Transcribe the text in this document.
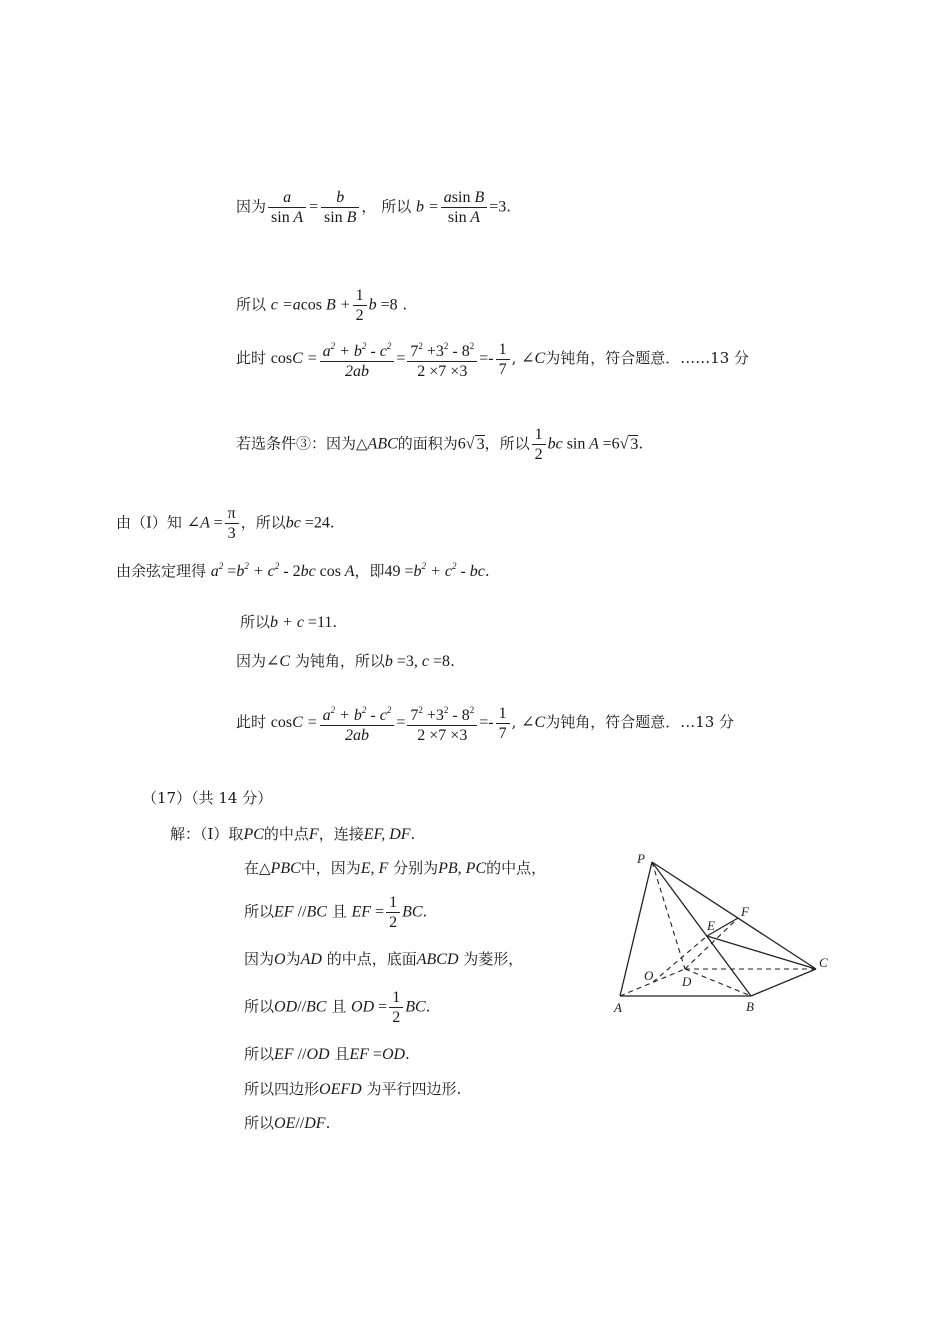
因为 $\frac{a}{\text{sin A}} = \frac{b}{\text{sin B}}$ ， 所以 $b = \frac{\text{asin B}}{\text{sin A}} =3$.
所以 c =acos $B + \frac{1}{2}$ b =8 .
此时 $\cos C = \frac{a^2 + b^2 - c^2}{2ab} = \frac{7^2 +3^2 - 8^2}{2 \times 7 \times 3} =- \frac{1}{7}$ , ∠C为钝角，符合题意．……13 分
若选条件③：因为△ABC的面积为6√ 3，所以 $\frac{1}{2}$ bc sin A =6√ 3.
由（I）知 ∠A = $\frac{\pi}{3}$ ，所以bc =24.
由余弦定理得 $a^2 =b^2 + c^2 - 2bc$ cos A，即$49 =b^2 + c^2$ - bc.
所以b + c =11.
因为∠C 为钝角，所以b =3, c =8.
此时 $\cos C = \frac{a^2 + b^2 - c^2}{2ab} = \frac{7^2 +3^2 - 8^2}{2 \times 7 \times 3} =- \frac{1}{7}$ , ∠C为钝角，符合题意．…13 分
（17）（共 14 分）
解：（Ⅰ）取PC的中点F，连接EF, DF.
在△PBC中，因为E, F 分别为PB, PC的中点，
所以EF //BC 且 EF = $\frac{1}{2}$ BC.
因为O为AD 的中点，底面ABCD 为菱形，
所以OD//BC 且 OD = $\frac{1}{2}$ BC.
所以EF //OD 且EF =OD.
所以四边形OEFD 为平行四边形.
所以OE//DF.
P
F
E
C
O D
A	B
